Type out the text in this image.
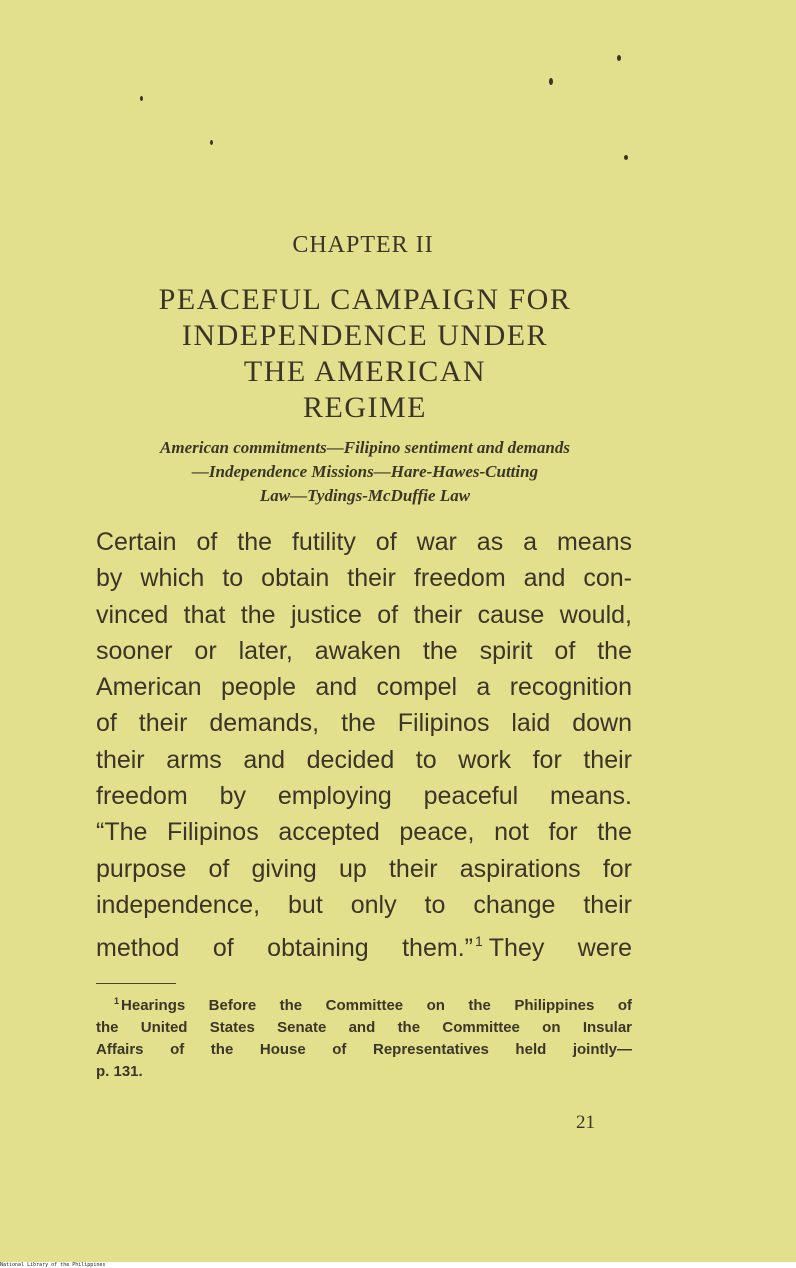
CHAPTER II
PEACEFUL CAMPAIGN FOR
INDEPENDENCE UNDER
THE AMERICAN
REGIME
American commitments—Filipino sentiment and demands
—Independence Missions—Hare-Hawes-Cutting
Law—Tydings-McDuffie Law
Certain of the futility of war as a means
by which to obtain their freedom and con-
vinced that the justice of their cause would,
sooner or later, awaken the spirit of the
American people and compel a recognition
of their demands, the Filipinos laid down
their arms and decided to work for their
freedom by employing peaceful means.
“The Filipinos accepted peace, not for the
purpose of giving up their aspirations for
independence, but only to change their
method of obtaining them.” $^1$ They were
$^1$ Hearings Before the Committee on the Philippines of
the United States Senate and the Committee on Insular
Affairs of the House of Representatives held jointly—
p. 131.
21
National Library of the Philippines
